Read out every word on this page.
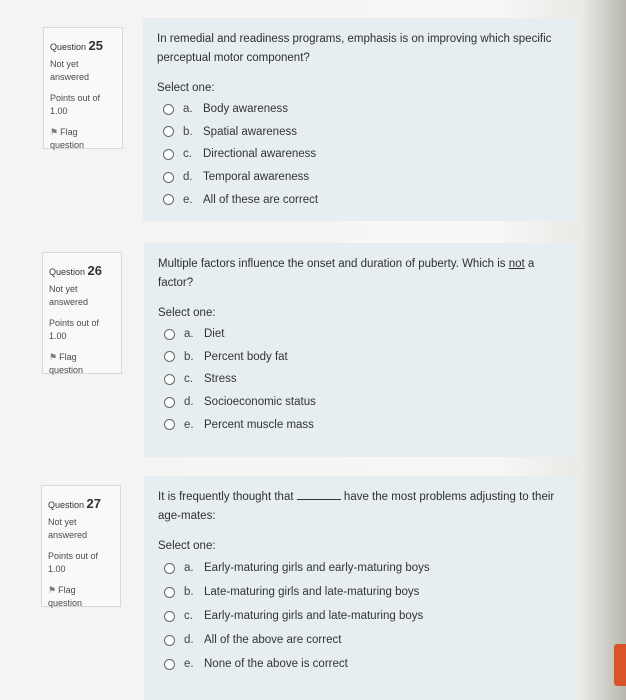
Question 25
Not yet answered
Points out of 1.00
⚑ Flag question
In remedial and readiness programs, emphasis is on improving which specific perceptual motor component?
Select one:
a. Body awareness
b. Spatial awareness
c. Directional awareness
d. Temporal awareness
e. All of these are correct
Question 26
Not yet answered
Points out of 1.00
⚑ Flag question
Multiple factors influence the onset and duration of puberty. Which is not a factor?
Select one:
a. Diet
b. Percent body fat
c. Stress
d. Socioeconomic status
e. Percent muscle mass
Question 27
Not yet answered
Points out of 1.00
⚑ Flag question
It is frequently thought that	have the most problems adjusting to their age-mates:
Select one:
a. Early-maturing girls and early-maturing boys
b. Late-maturing girls and late-maturing boys
c. Early-maturing girls and late-maturing boys
d. All of the above are correct
e. None of the above is correct
